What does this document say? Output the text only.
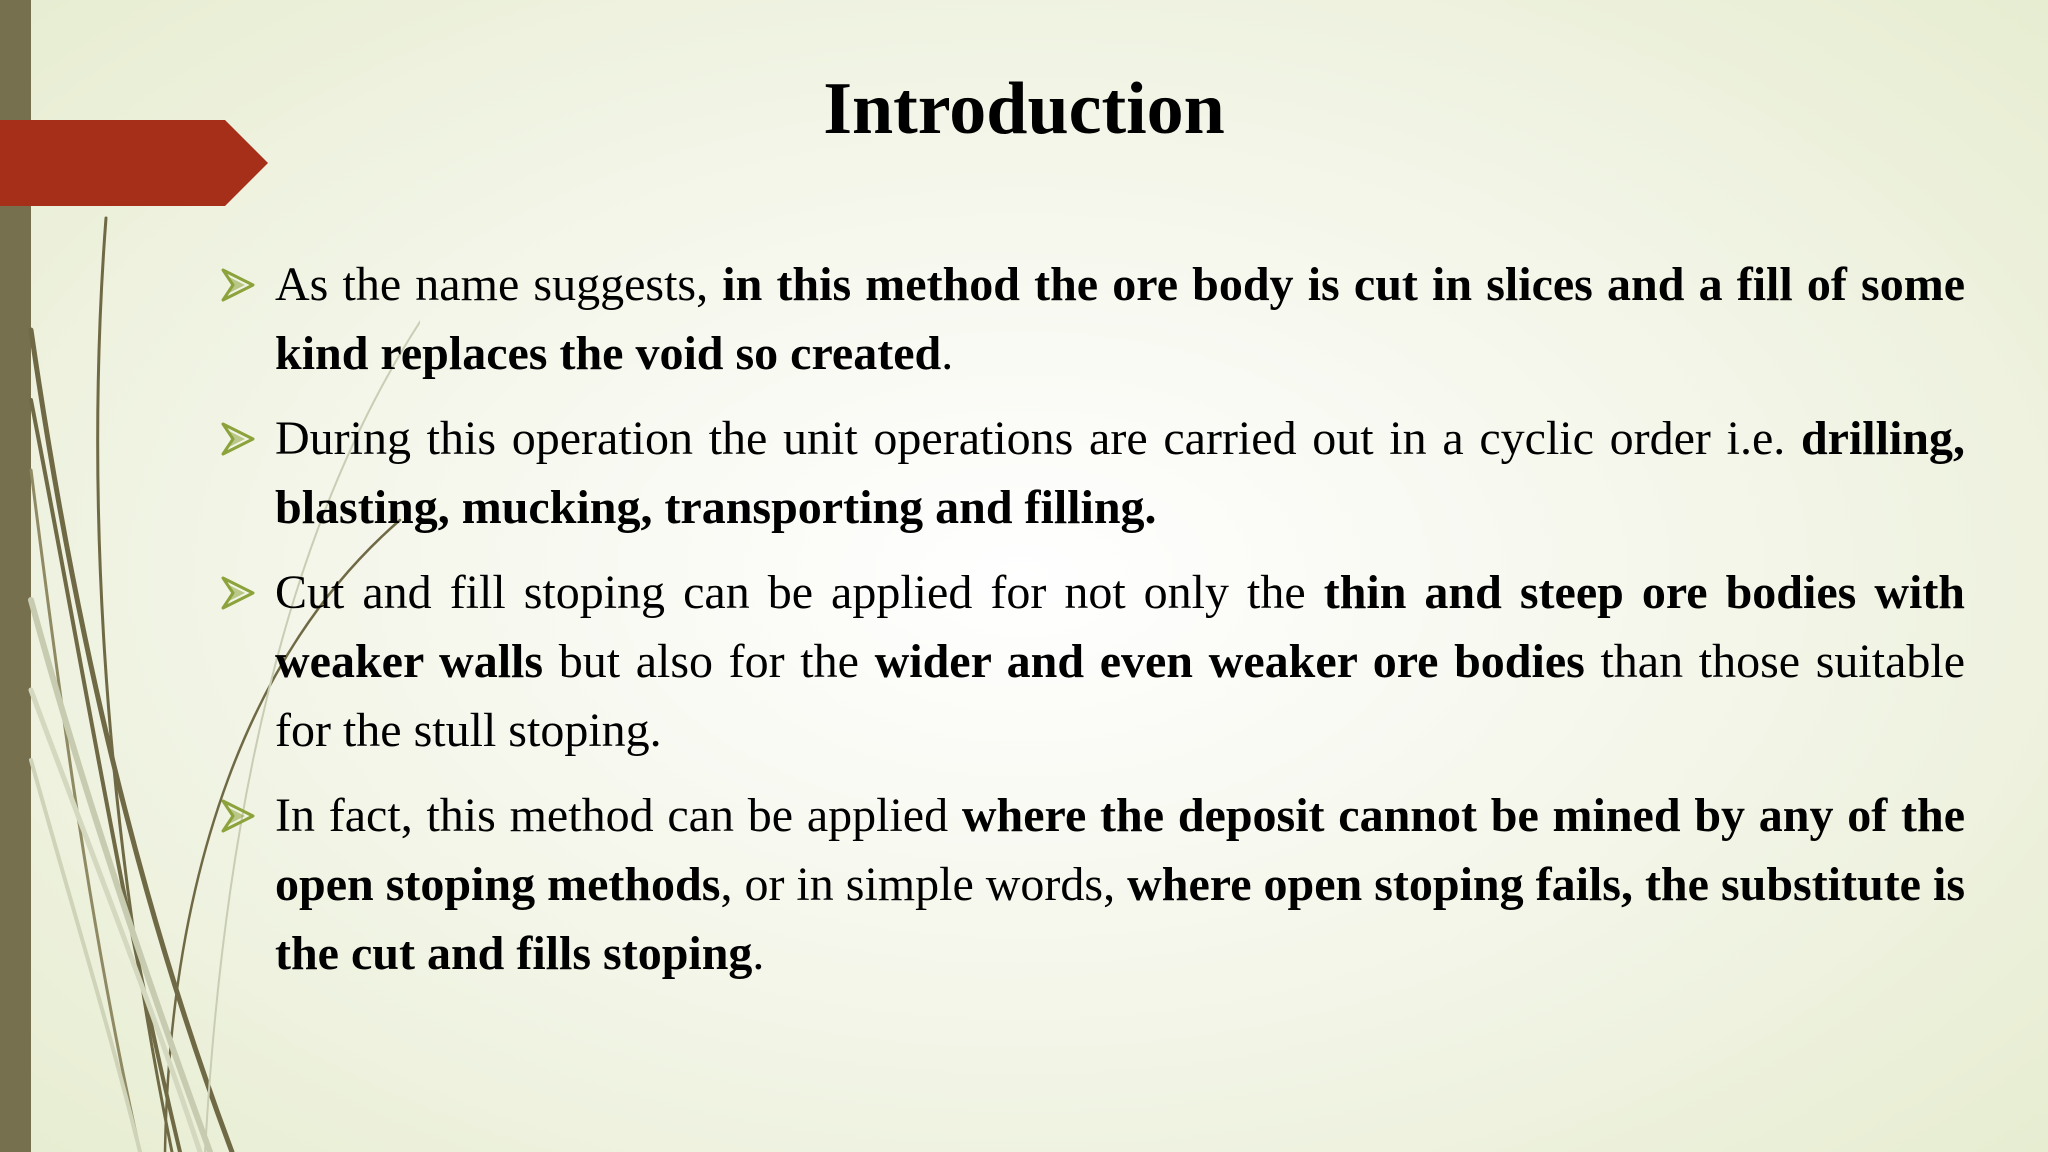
Introduction
As the name suggests, in this method the ore body is cut in slices and a fill of some kind replaces the void so created.
During this operation the unit operations are carried out in a cyclic order i.e. drilling, blasting, mucking, transporting and filling.
Cut and fill stoping can be applied for not only the thin and steep ore bodies with weaker walls but also for the wider and even weaker ore bodies than those suitable for the stull stoping.
In fact, this method can be applied where the deposit cannot be mined by any of the open stoping methods, or in simple words, where open stoping fails, the substitute is the cut and fills stoping.
